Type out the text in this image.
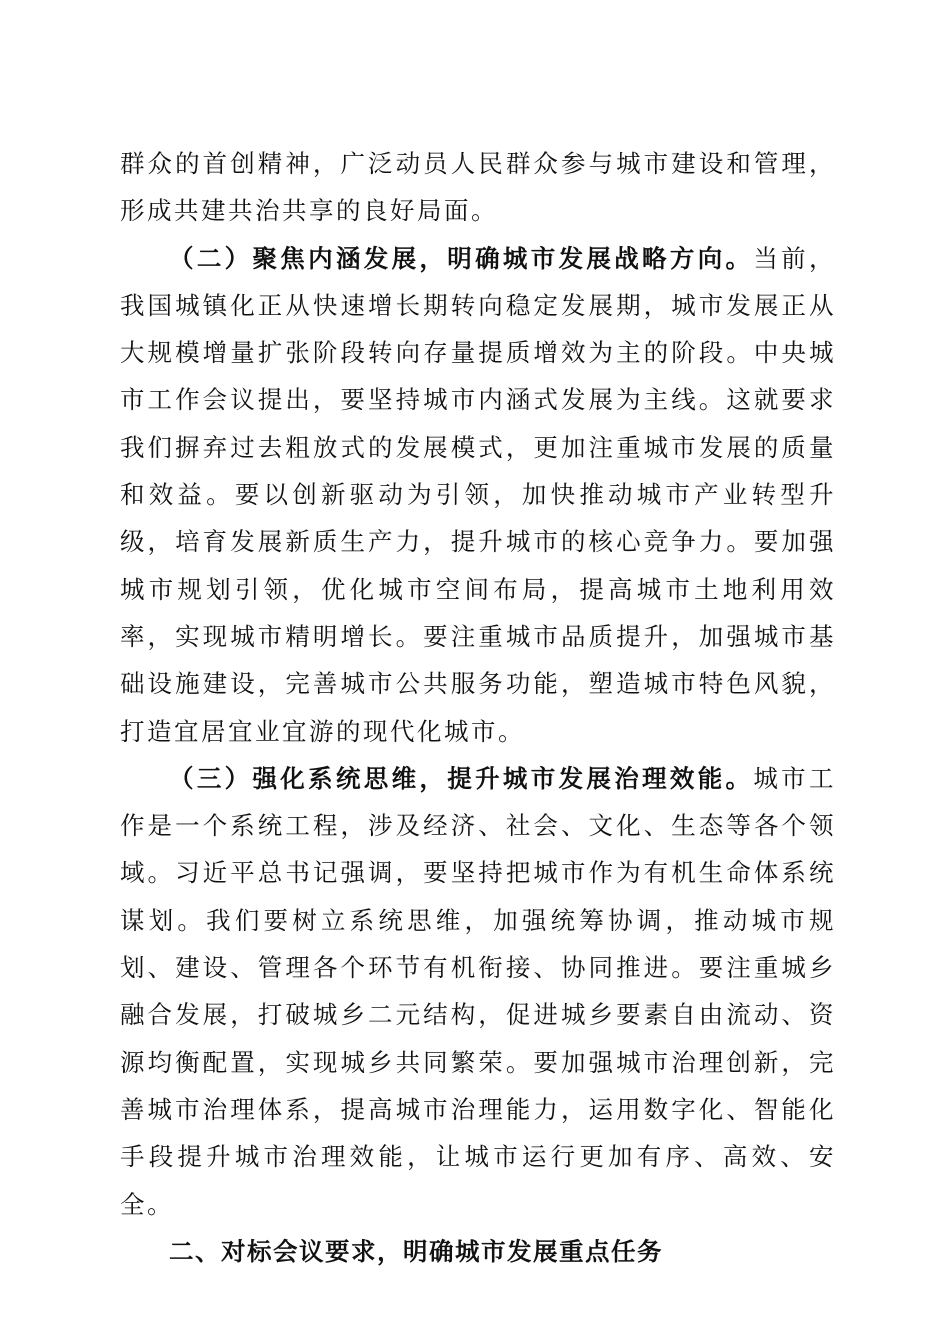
群众的首创精神，广泛动员人民群众参与城市建设和管理，形成共建共治共享的良好局面。

（二）聚焦内涵发展，明确城市发展战略方向。当前，我国城镇化正从快速增长期转向稳定发展期，城市发展正从大规模增量扩张阶段转向存量提质增效为主的阶段。中央城市工作会议提出，要坚持城市内涵式发展为主线。这就要求我们摒弃过去粗放式的发展模式，更加注重城市发展的质量和效益。要以创新驱动为引领，加快推动城市产业转型升级，培育发展新质生产力，提升城市的核心竞争力。要加强城市规划引领，优化城市空间布局，提高城市土地利用效率，实现城市精明增长。要注重城市品质提升，加强城市基础设施建设，完善城市公共服务功能，塑造城市特色风貌，打造宜居宜业宜游的现代化城市。

（三）强化系统思维，提升城市发展治理效能。城市工作是一个系统工程，涉及经济、社会、文化、生态等各个领域。习近平总书记强调，要坚持把城市作为有机生命体系统谋划。我们要树立系统思维，加强统筹协调，推动城市规划、建设、管理各个环节有机衔接、协同推进。要注重城乡融合发展，打破城乡二元结构，促进城乡要素自由流动、资源均衡配置，实现城乡共同繁荣。要加强城市治理创新，完善城市治理体系，提高城市治理能力，运用数字化、智能化手段提升城市治理效能，让城市运行更加有序、高效、安全。

二、对标会议要求，明确城市发展重点任务
